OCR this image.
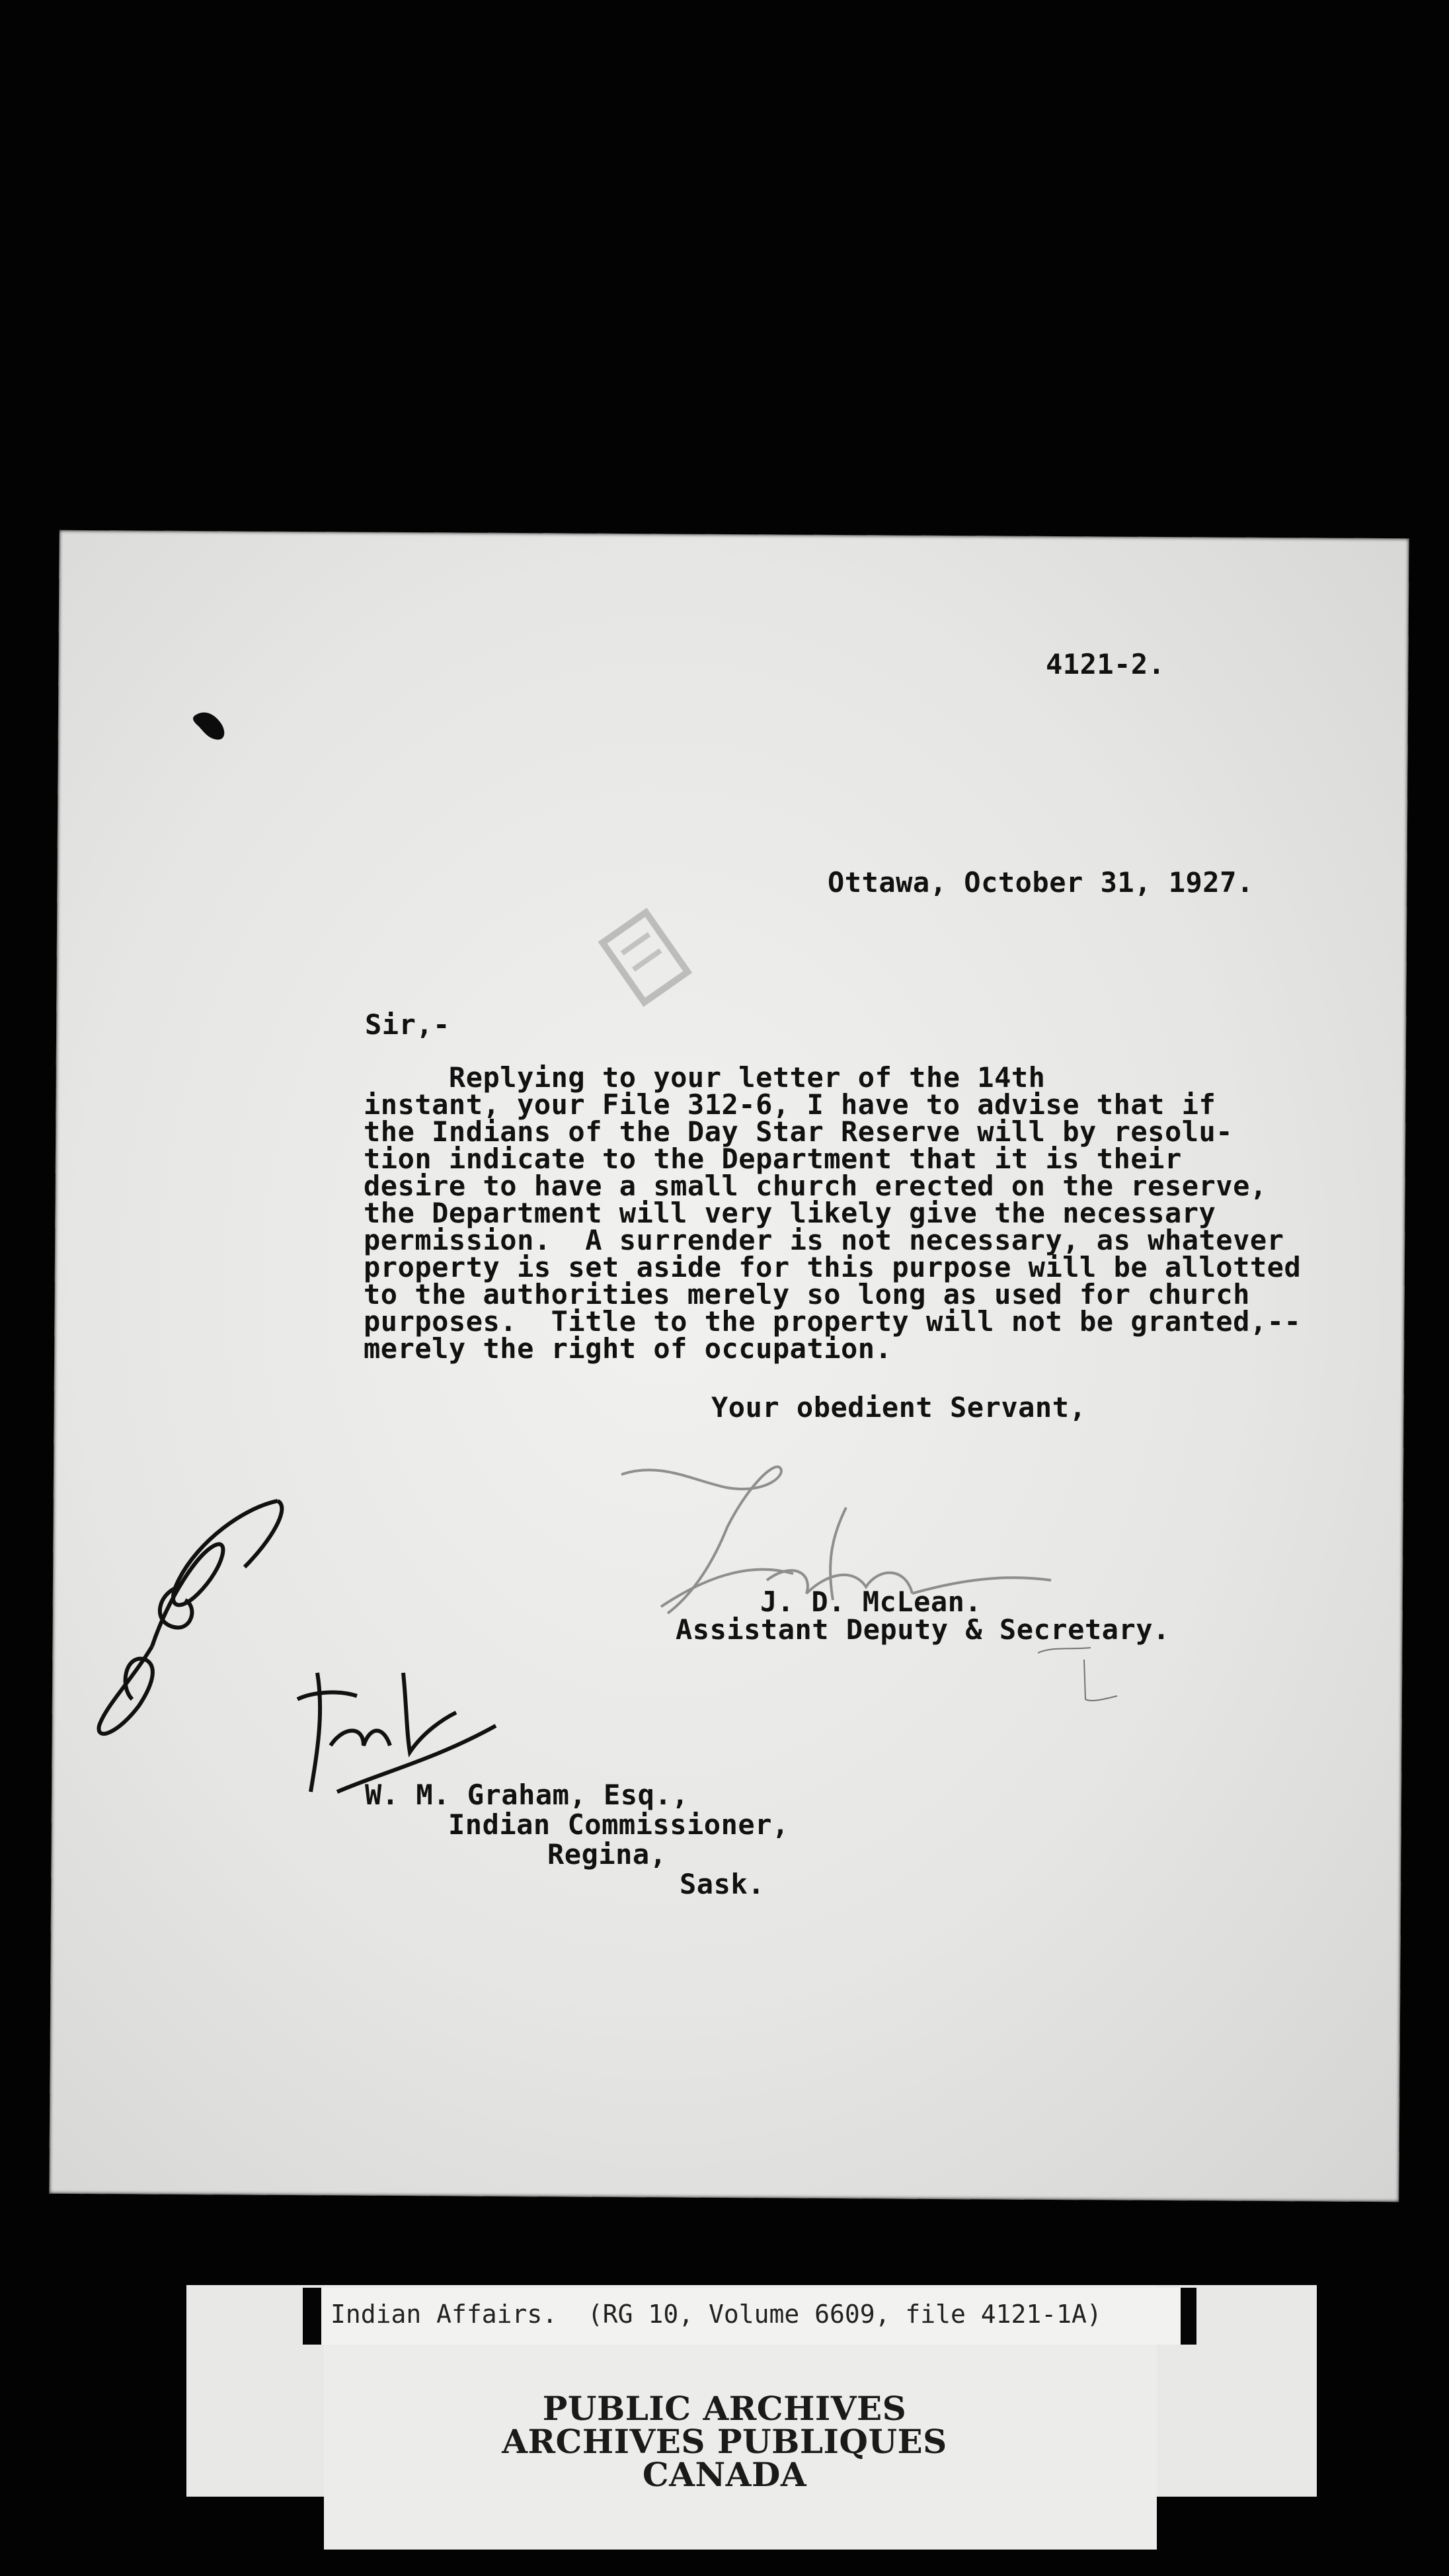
4121-2.
Ottawa, October 31, 1927.
Sir,-
Replying to your letter of the 14th
instant, your File 312-6, I have to advise that if
the Indians of the Day Star Reserve will by resolu-
tion indicate to the Department that it is their
desire to have a small church erected on the reserve,
the Department will very likely give the necessary
permission.  A surrender is not necessary, as whatever
property is set aside for this purpose will be allotted
to the authorities merely so long as used for church
purposes.  Title to the property will not be granted,--
merely the right of occupation.
Your obedient Servant,
J. D. McLean.
Assistant Deputy & Secretary.
W. M. Graham, Esq.,
Indian Commissioner,
Regina,
Sask.
Indian Affairs.  (RG 10, Volume 6609, file 4121-1A)
PUBLIC ARCHIVES
ARCHIVES PUBLIQUES
CANADA
